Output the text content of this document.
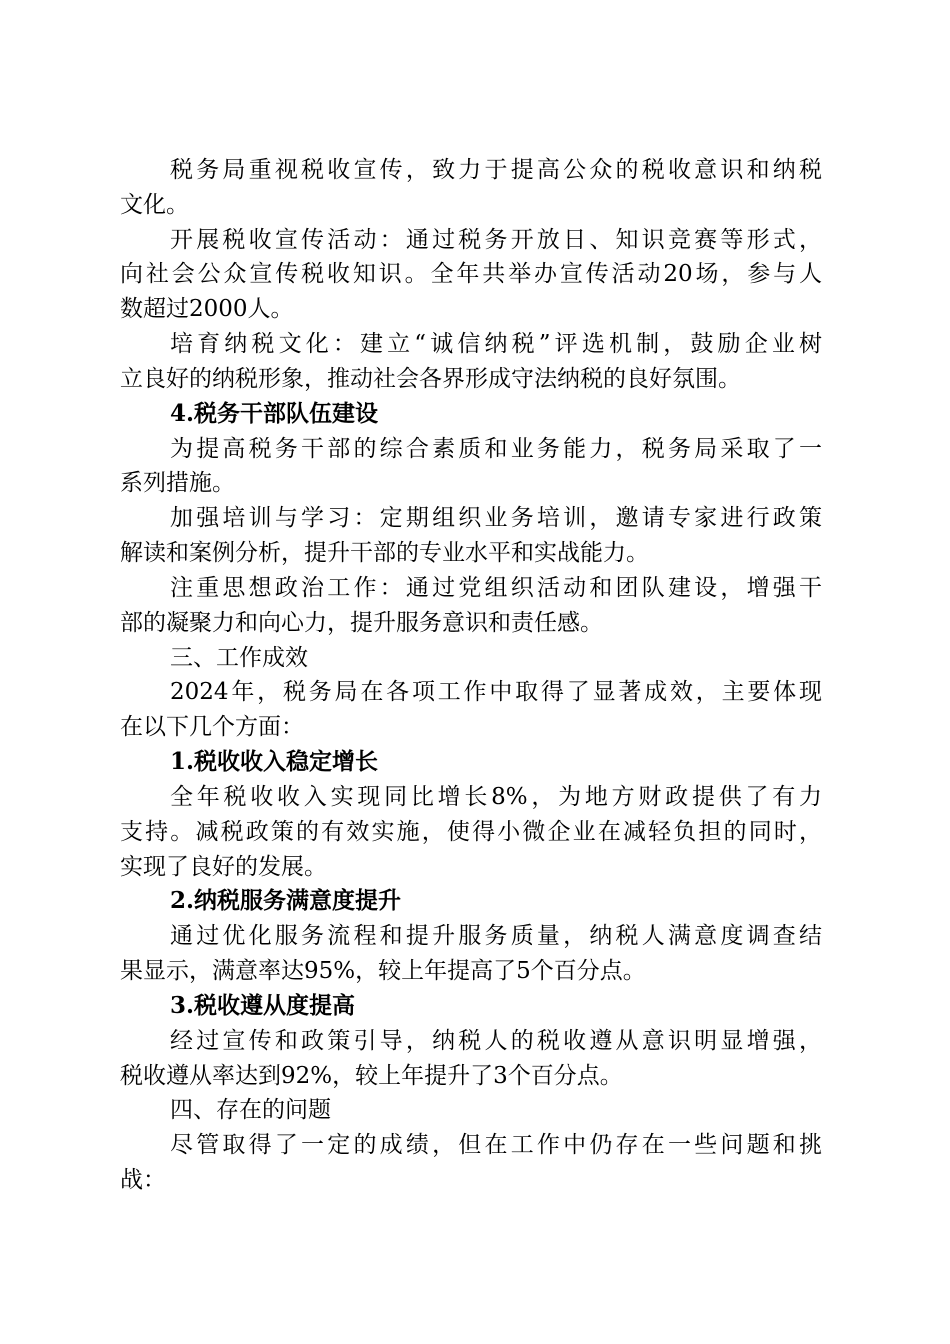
税务局重视税收宣传，致力于提高公众的税收意识和纳税
文化。
开展税收宣传活动：通过税务开放日、知识竞赛等形式，
向社会公众宣传税收知识。全年共举办宣传活动20场，参与人
数超过2000人。
培育纳税文化：建立“诚信纳税”评选机制，鼓励企业树
立良好的纳税形象，推动社会各界形成守法纳税的良好氛围。
4.税务干部队伍建设
为提高税务干部的综合素质和业务能力，税务局采取了一
系列措施。
加强培训与学习：定期组织业务培训，邀请专家进行政策
解读和案例分析，提升干部的专业水平和实战能力。
注重思想政治工作：通过党组织活动和团队建设，增强干
部的凝聚力和向心力，提升服务意识和责任感。
三、工作成效
2024年，税务局在各项工作中取得了显著成效，主要体现
在以下几个方面：
1.税收收入稳定增长
全年税收收入实现同比增长8%，为地方财政提供了有力
支持。减税政策的有效实施，使得小微企业在减轻负担的同时，
实现了良好的发展。
2.纳税服务满意度提升
通过优化服务流程和提升服务质量，纳税人满意度调查结
果显示，满意率达95%，较上年提高了5个百分点。
3.税收遵从度提高
经过宣传和政策引导，纳税人的税收遵从意识明显增强，
税收遵从率达到92%，较上年提升了3个百分点。
四、存在的问题
尽管取得了一定的成绩，但在工作中仍存在一些问题和挑
战：
